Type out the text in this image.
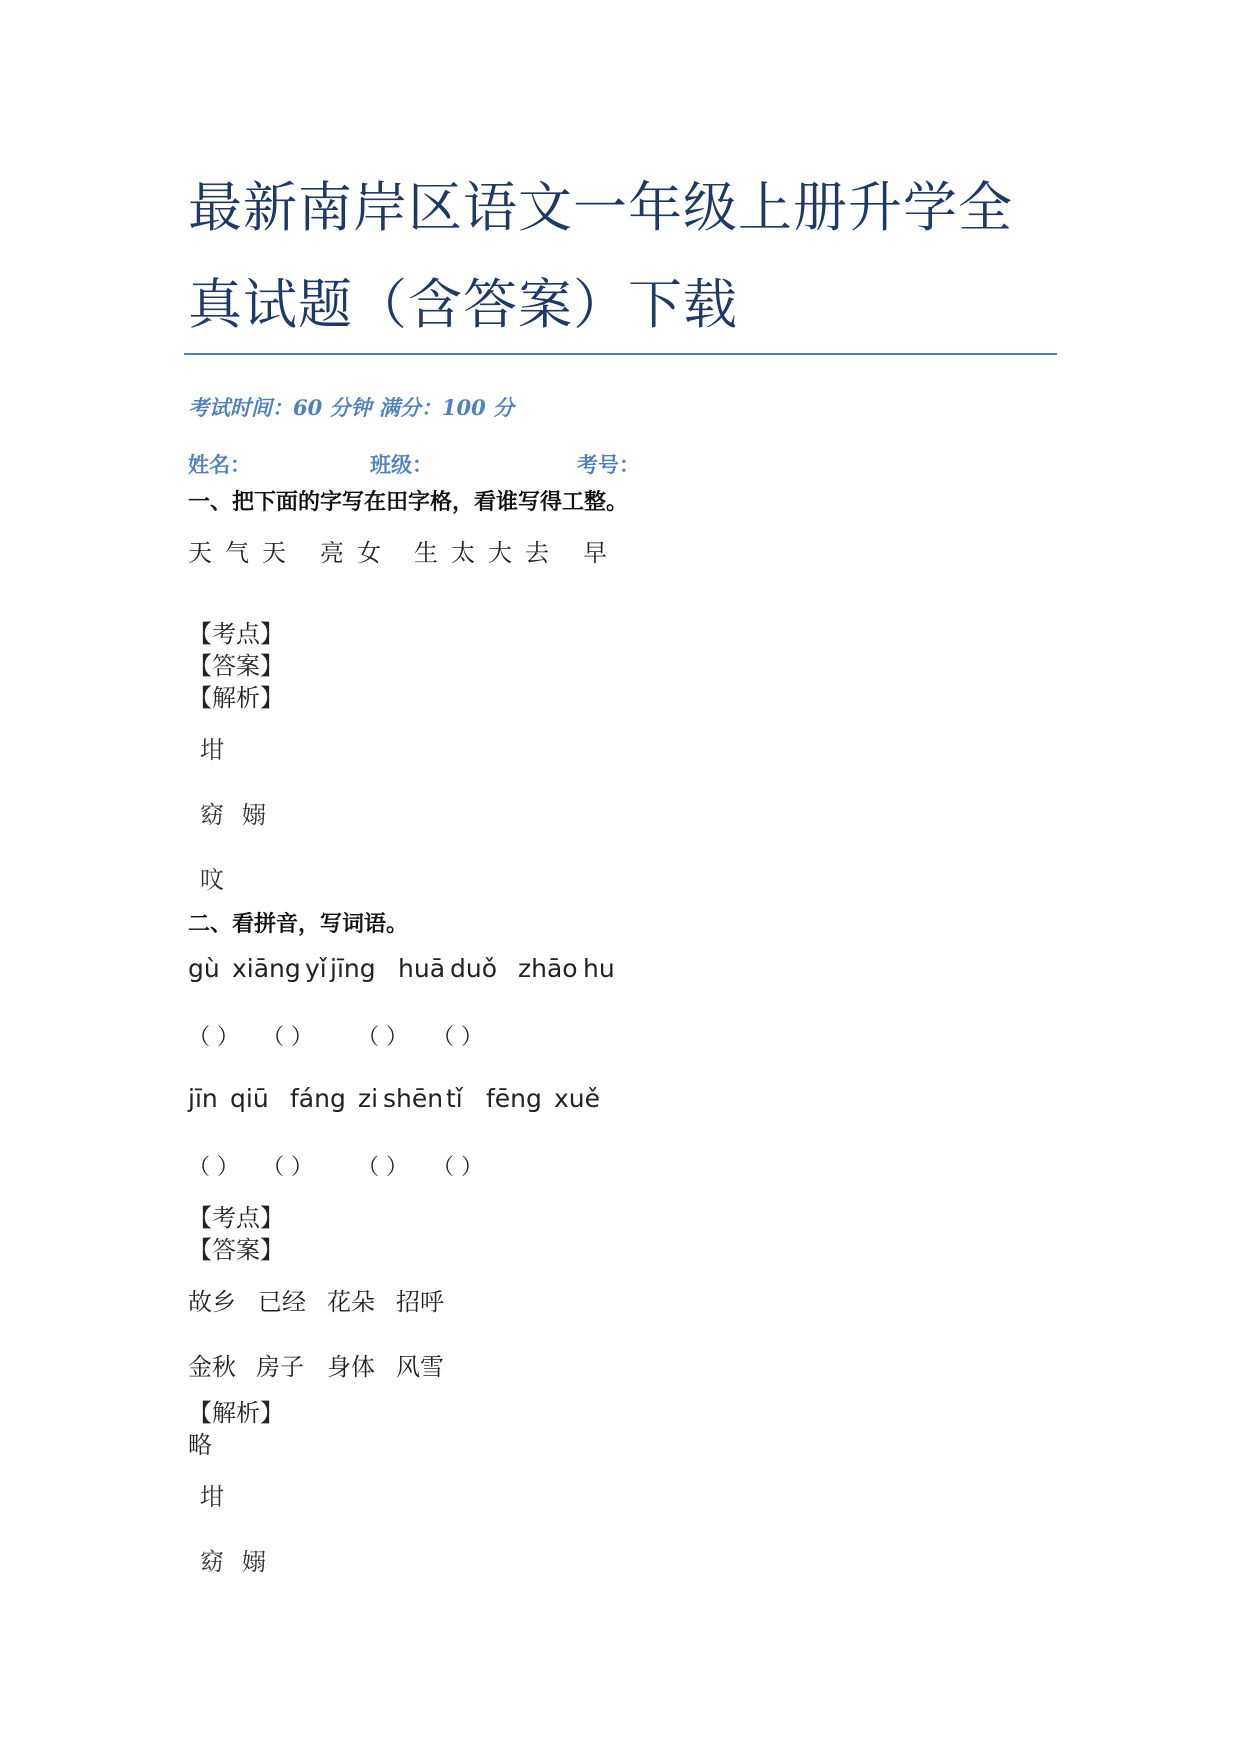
最新南岸区语文一年级上册升学全
真试题（含答案）下载
考试时间：60 分钟 满分：100 分
姓名：	班级：	考号：
一、把下面的字写在田字格，看谁写得工整。
天 气 天 亮 女 生 太 大 去 早
【考点】
【答案】
【解析】
坩
窈 嫋
呅
二、看拼音，写词语。
gù xiāng yǐ jīng huā duǒ zhāo hu
（ ） （ ） （ ） （ ）
jīn qiū fáng zi shēn tǐ fēng xuě
（ ） （ ） （ ） （ ）
【考点】
【答案】
故乡 已经 花朵 招呼
金秋 房子 身体 风雪
【解析】
略
坩
窈 嫋
